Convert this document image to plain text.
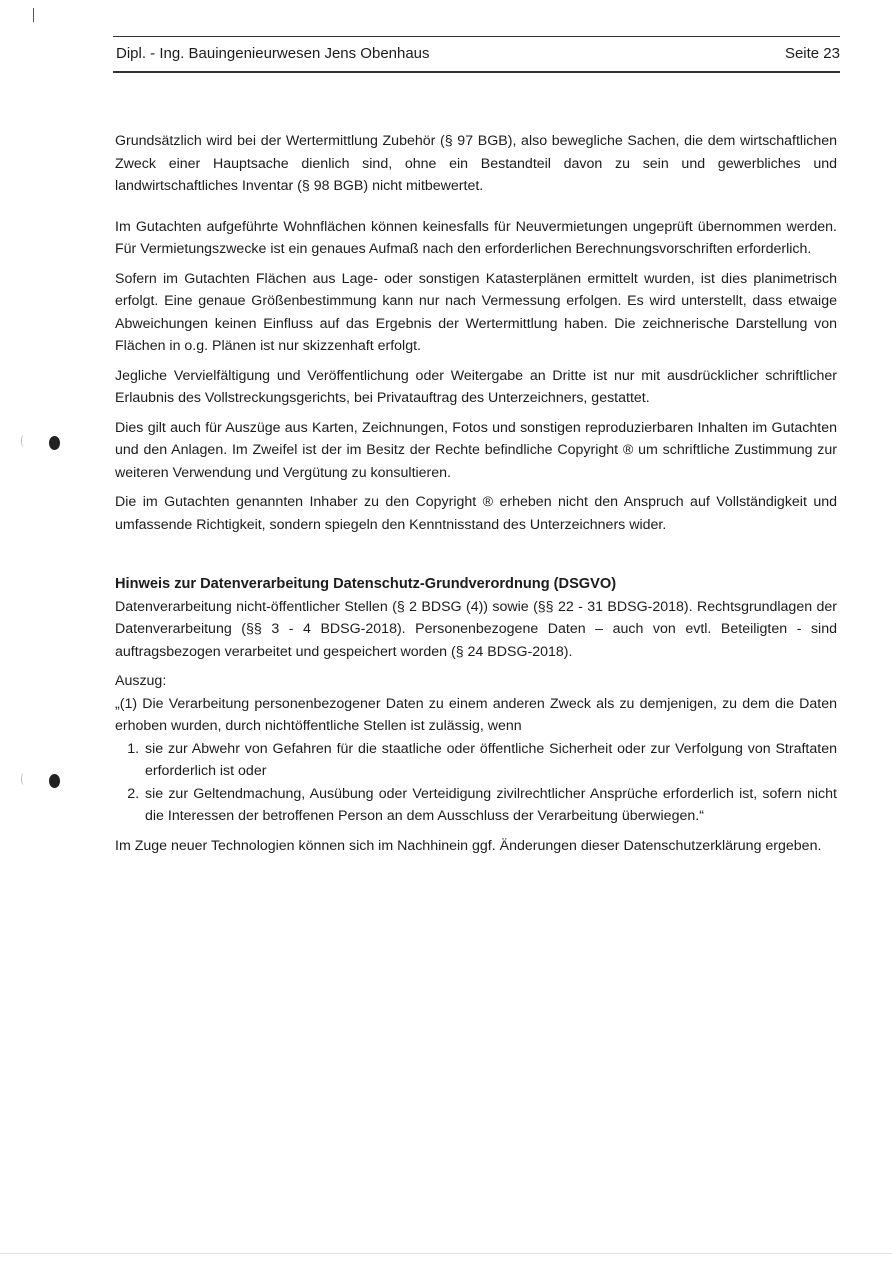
Dipl. - Ing. Bauingenieurwesen Jens Obenhaus	Seite 23

Grundsätzlich wird bei der Wertermittlung Zubehör (§ 97 BGB), also bewegliche Sachen, die dem wirtschaftlichen Zweck einer Hauptsache dienlich sind, ohne ein Bestandteil davon zu sein und gewerbliches und landwirtschaftliches Inventar (§ 98 BGB) nicht mitbewertet.

Im Gutachten aufgeführte Wohnflächen können keinesfalls für Neuvermietungen ungeprüft übernommen werden. Für Vermietungszwecke ist ein genaues Aufmaß nach den erforderlichen Berechnungsvorschriften erforderlich.

Sofern im Gutachten Flächen aus Lage- oder sonstigen Katasterplänen ermittelt wurden, ist dies planimetrisch erfolgt. Eine genaue Größenbestimmung kann nur nach Vermessung erfolgen. Es wird unterstellt, dass etwaige Abweichungen keinen Einfluss auf das Ergebnis der Wertermittlung haben. Die zeichnerische Darstellung von Flächen in o.g. Plänen ist nur skizzenhaft erfolgt.

Jegliche Vervielfältigung und Veröffentlichung oder Weitergabe an Dritte ist nur mit ausdrücklicher schriftlicher Erlaubnis des Vollstreckungsgerichts, bei Privatauftrag des Unterzeichners, gestattet.

Dies gilt auch für Auszüge aus Karten, Zeichnungen, Fotos und sonstigen reproduzierbaren Inhalten im Gutachten und den Anlagen. Im Zweifel ist der im Besitz der Rechte befindliche Copyright ® um schriftliche Zustimmung zur weiteren Verwendung und Vergütung zu konsultieren.

Die im Gutachten genannten Inhaber zu den Copyright ® erheben nicht den Anspruch auf Vollständigkeit und umfassende Richtigkeit, sondern spiegeln den Kenntnisstand des Unterzeichners wider.

Hinweis zur Datenverarbeitung Datenschutz-Grundverordnung (DSGVO)

Datenverarbeitung nicht-öffentlicher Stellen (§ 2 BDSG (4)) sowie (§§ 22 - 31 BDSG-2018). Rechtsgrundlagen der Datenverarbeitung (§§ 3 - 4 BDSG-2018). Personenbezogene Daten – auch von evtl. Beteiligten - sind auftragsbezogen verarbeitet und gespeichert worden (§ 24 BDSG-2018).

Auszug:

„(1) Die Verarbeitung personenbezogener Daten zu einem anderen Zweck als zu demjenigen, zu dem die Daten erhoben wurden, durch nichtöffentliche Stellen ist zulässig, wenn

1. sie zur Abwehr von Gefahren für die staatliche oder öffentliche Sicherheit oder zur Verfolgung von Straftaten erforderlich ist oder
2. sie zur Geltendmachung, Ausübung oder Verteidigung zivilrechtlicher Ansprüche erforderlich ist, sofern nicht die Interessen der betroffenen Person an dem Ausschluss der Verarbeitung überwiegen.“

Im Zuge neuer Technologien können sich im Nachhinein ggf. Änderungen dieser Datenschutzerklärung ergeben.
